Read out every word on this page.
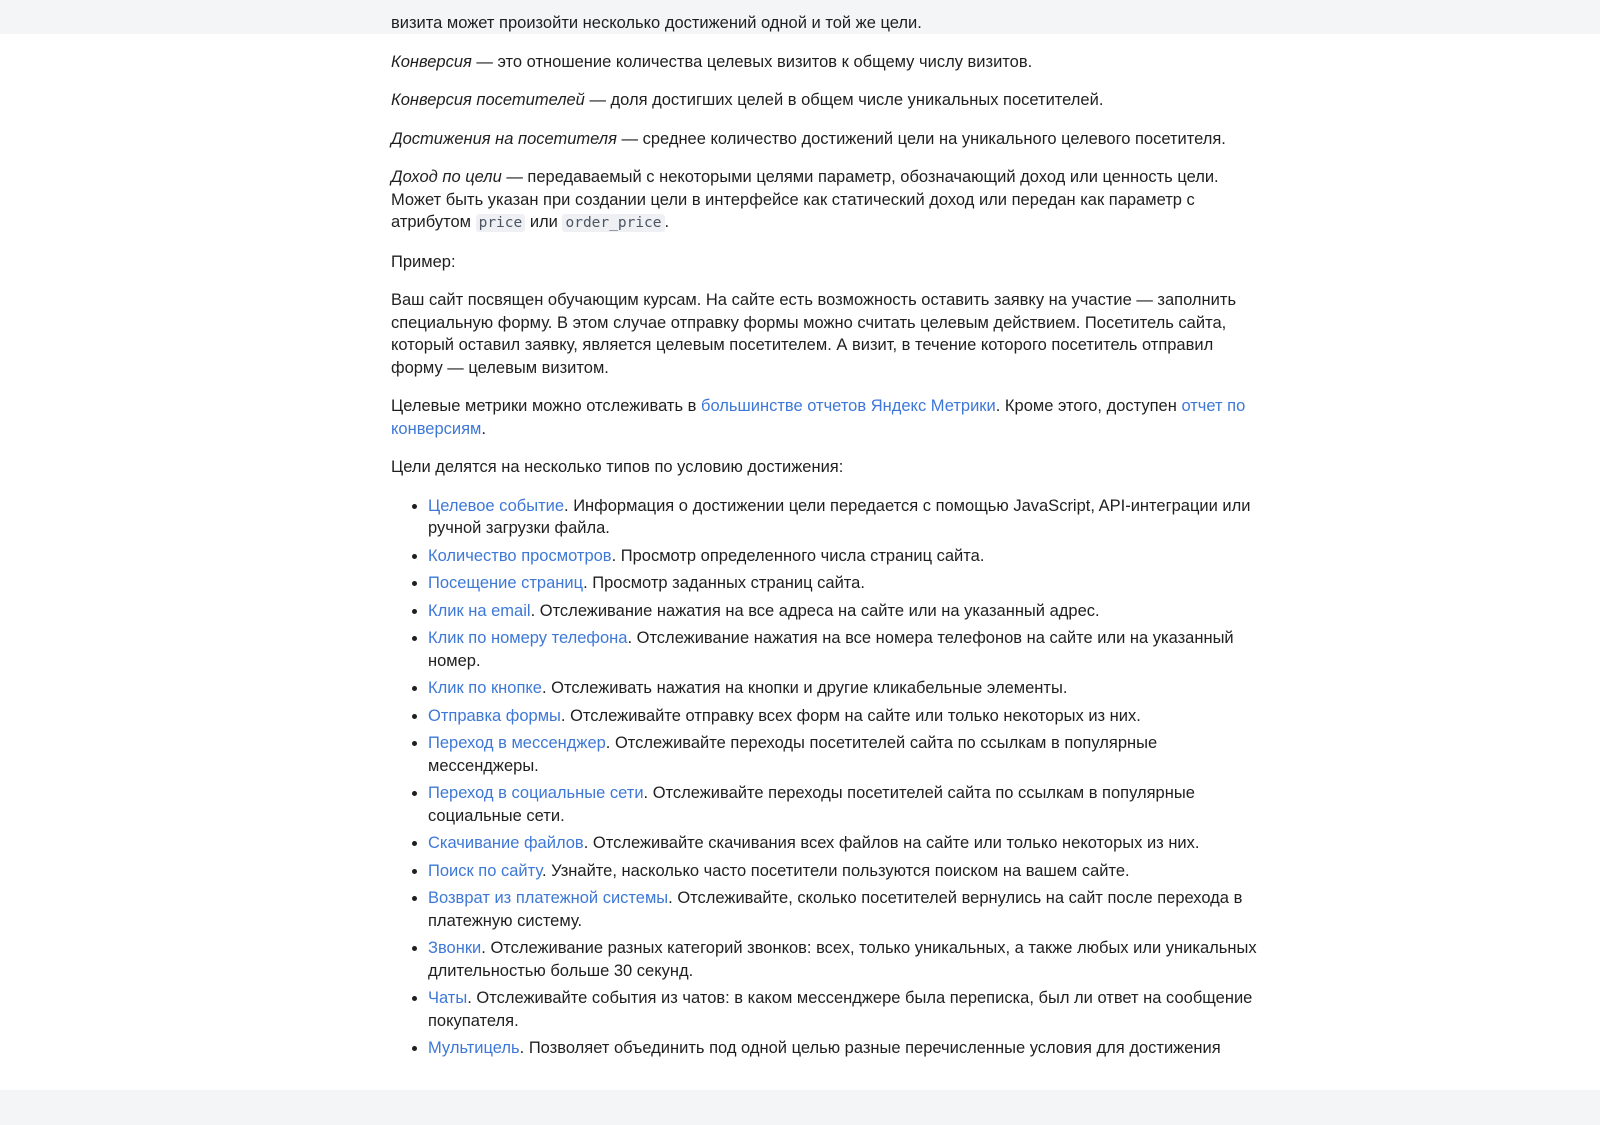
визита может произойти несколько достижений одной и той же цели.

Конверсия — это отношение количества целевых визитов к общему числу визитов.

Конверсия посетителей — доля достигших целей в общем числе уникальных посетителей.

Достижения на посетителя — среднее количество достижений цели на уникального целевого посетителя.

Доход по цели — передаваемый с некоторыми целями параметр, обозначающий доход или ценность цели. Может быть указан при создании цели в интерфейсе как статический доход или передан как параметр с атрибутом price или order_price .

Пример:

Ваш сайт посвящен обучающим курсам. На сайте есть возможность оставить заявку на участие — заполнить специальную форму. В этом случае отправку формы можно считать целевым действием. Посетитель сайта, который оставил заявку, является целевым посетителем. А визит, в течение которого посетитель отправил форму — целевым визитом.

Целевые метрики можно отслеживать в большинстве отчетов Яндекс Метрики. Кроме этого, доступен отчет по конверсиям.

Цели делятся на несколько типов по условию достижения:

• Целевое событие. Информация о достижении цели передается с помощью JavaScript, API-интеграции или ручной загрузки файла.
• Количество просмотров. Просмотр определенного числа страниц сайта.
• Посещение страниц. Просмотр заданных страниц сайта.
• Клик на email. Отслеживание нажатия на все адреса на сайте или на указанный адрес.
• Клик по номеру телефона. Отслеживание нажатия на все номера телефонов на сайте или на указанный номер.
• Клик по кнопке. Отслеживать нажатия на кнопки и другие кликабельные элементы.
• Отправка формы. Отслеживайте отправку всех форм на сайте или только некоторых из них.
• Переход в мессенджер. Отслеживайте переходы посетителей сайта по ссылкам в популярные мессенджеры.
• Переход в социальные сети. Отслеживайте переходы посетителей сайта по ссылкам в популярные социальные сети.
• Скачивание файлов. Отслеживайте скачивания всех файлов на сайте или только некоторых из них.
• Поиск по сайту. Узнайте, насколько часто посетители пользуются поиском на вашем сайте.
• Возврат из платежной системы. Отслеживайте, сколько посетителей вернулись на сайт после перехода в платежную систему.
• Звонки. Отслеживание разных категорий звонков: всех, только уникальных, а также любых или уникальных длительностью больше 30 секунд.
• Чаты. Отслеживайте события из чатов: в каком мессенджере была переписка, был ли ответ на сообщение покупателя.
• Мультицель. Позволяет объединить под одной целью разные перечисленные условия для достижения
